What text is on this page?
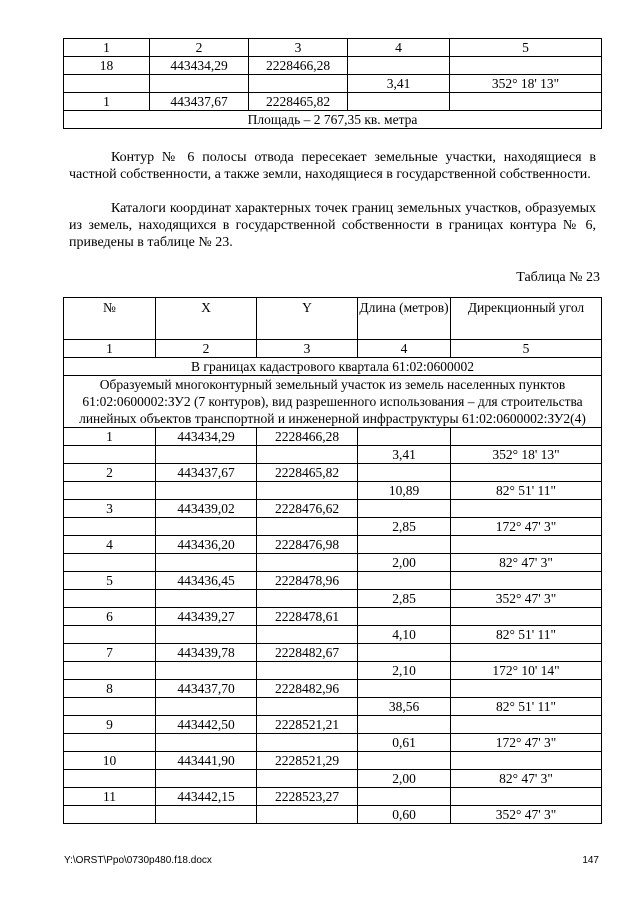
1	2	3	4	5
18	443434,29	2228466,28		
			3,41	352° 18' 13"
1	443437,67	2228465,82		
Площадь – 2 767,35 кв. метра				

Контур № 6 полосы отвода пересекает земельные участки, находящиеся в частной собственности, а также земли, находящиеся в государственной собственности.

Каталоги координат характерных точек границ земельных участков, образуемых из земель, находящихся в государственной собственности в границах контура № 6, приведены в таблице № 23.

Таблица № 23
№	X	Y	Длина (метров)	Дирекционный угол
1	2	3	4	5
В границах кадастрового квартала 61:02:0600002				
Образуемый многоконтурный земельный участок из земель населенных пунктов 61:02:0600002:ЗУ2 (7 контуров), вид разрешенного использования – для строительства линейных объектов транспортной и инженерной инфраструктуры 61:02:0600002:ЗУ2(4)				
1	443434,29	2228466,28		
			3,41	352° 18' 13"
2	443437,67	2228465,82		
			10,89	82° 51' 11"
3	443439,02	2228476,62		
			2,85	172° 47' 3"
4	443436,20	2228476,98		
			2,00	82° 47' 3"
5	443436,45	2228478,96		
			2,85	352° 47' 3"
6	443439,27	2228478,61		
			4,10	82° 51' 11"
7	443439,78	2228482,67		
			2,10	172° 10' 14"
8	443437,70	2228482,96		
			38,56	82° 51' 11"
9	443442,50	2228521,21		
			0,61	172° 47' 3"
10	443441,90	2228521,29		
			2,00	82° 47' 3"
11	443442,15	2228523,27		
			0,60	352° 47' 3"
Y:\ORST\Ppo\0730p480.f18.docx	147
